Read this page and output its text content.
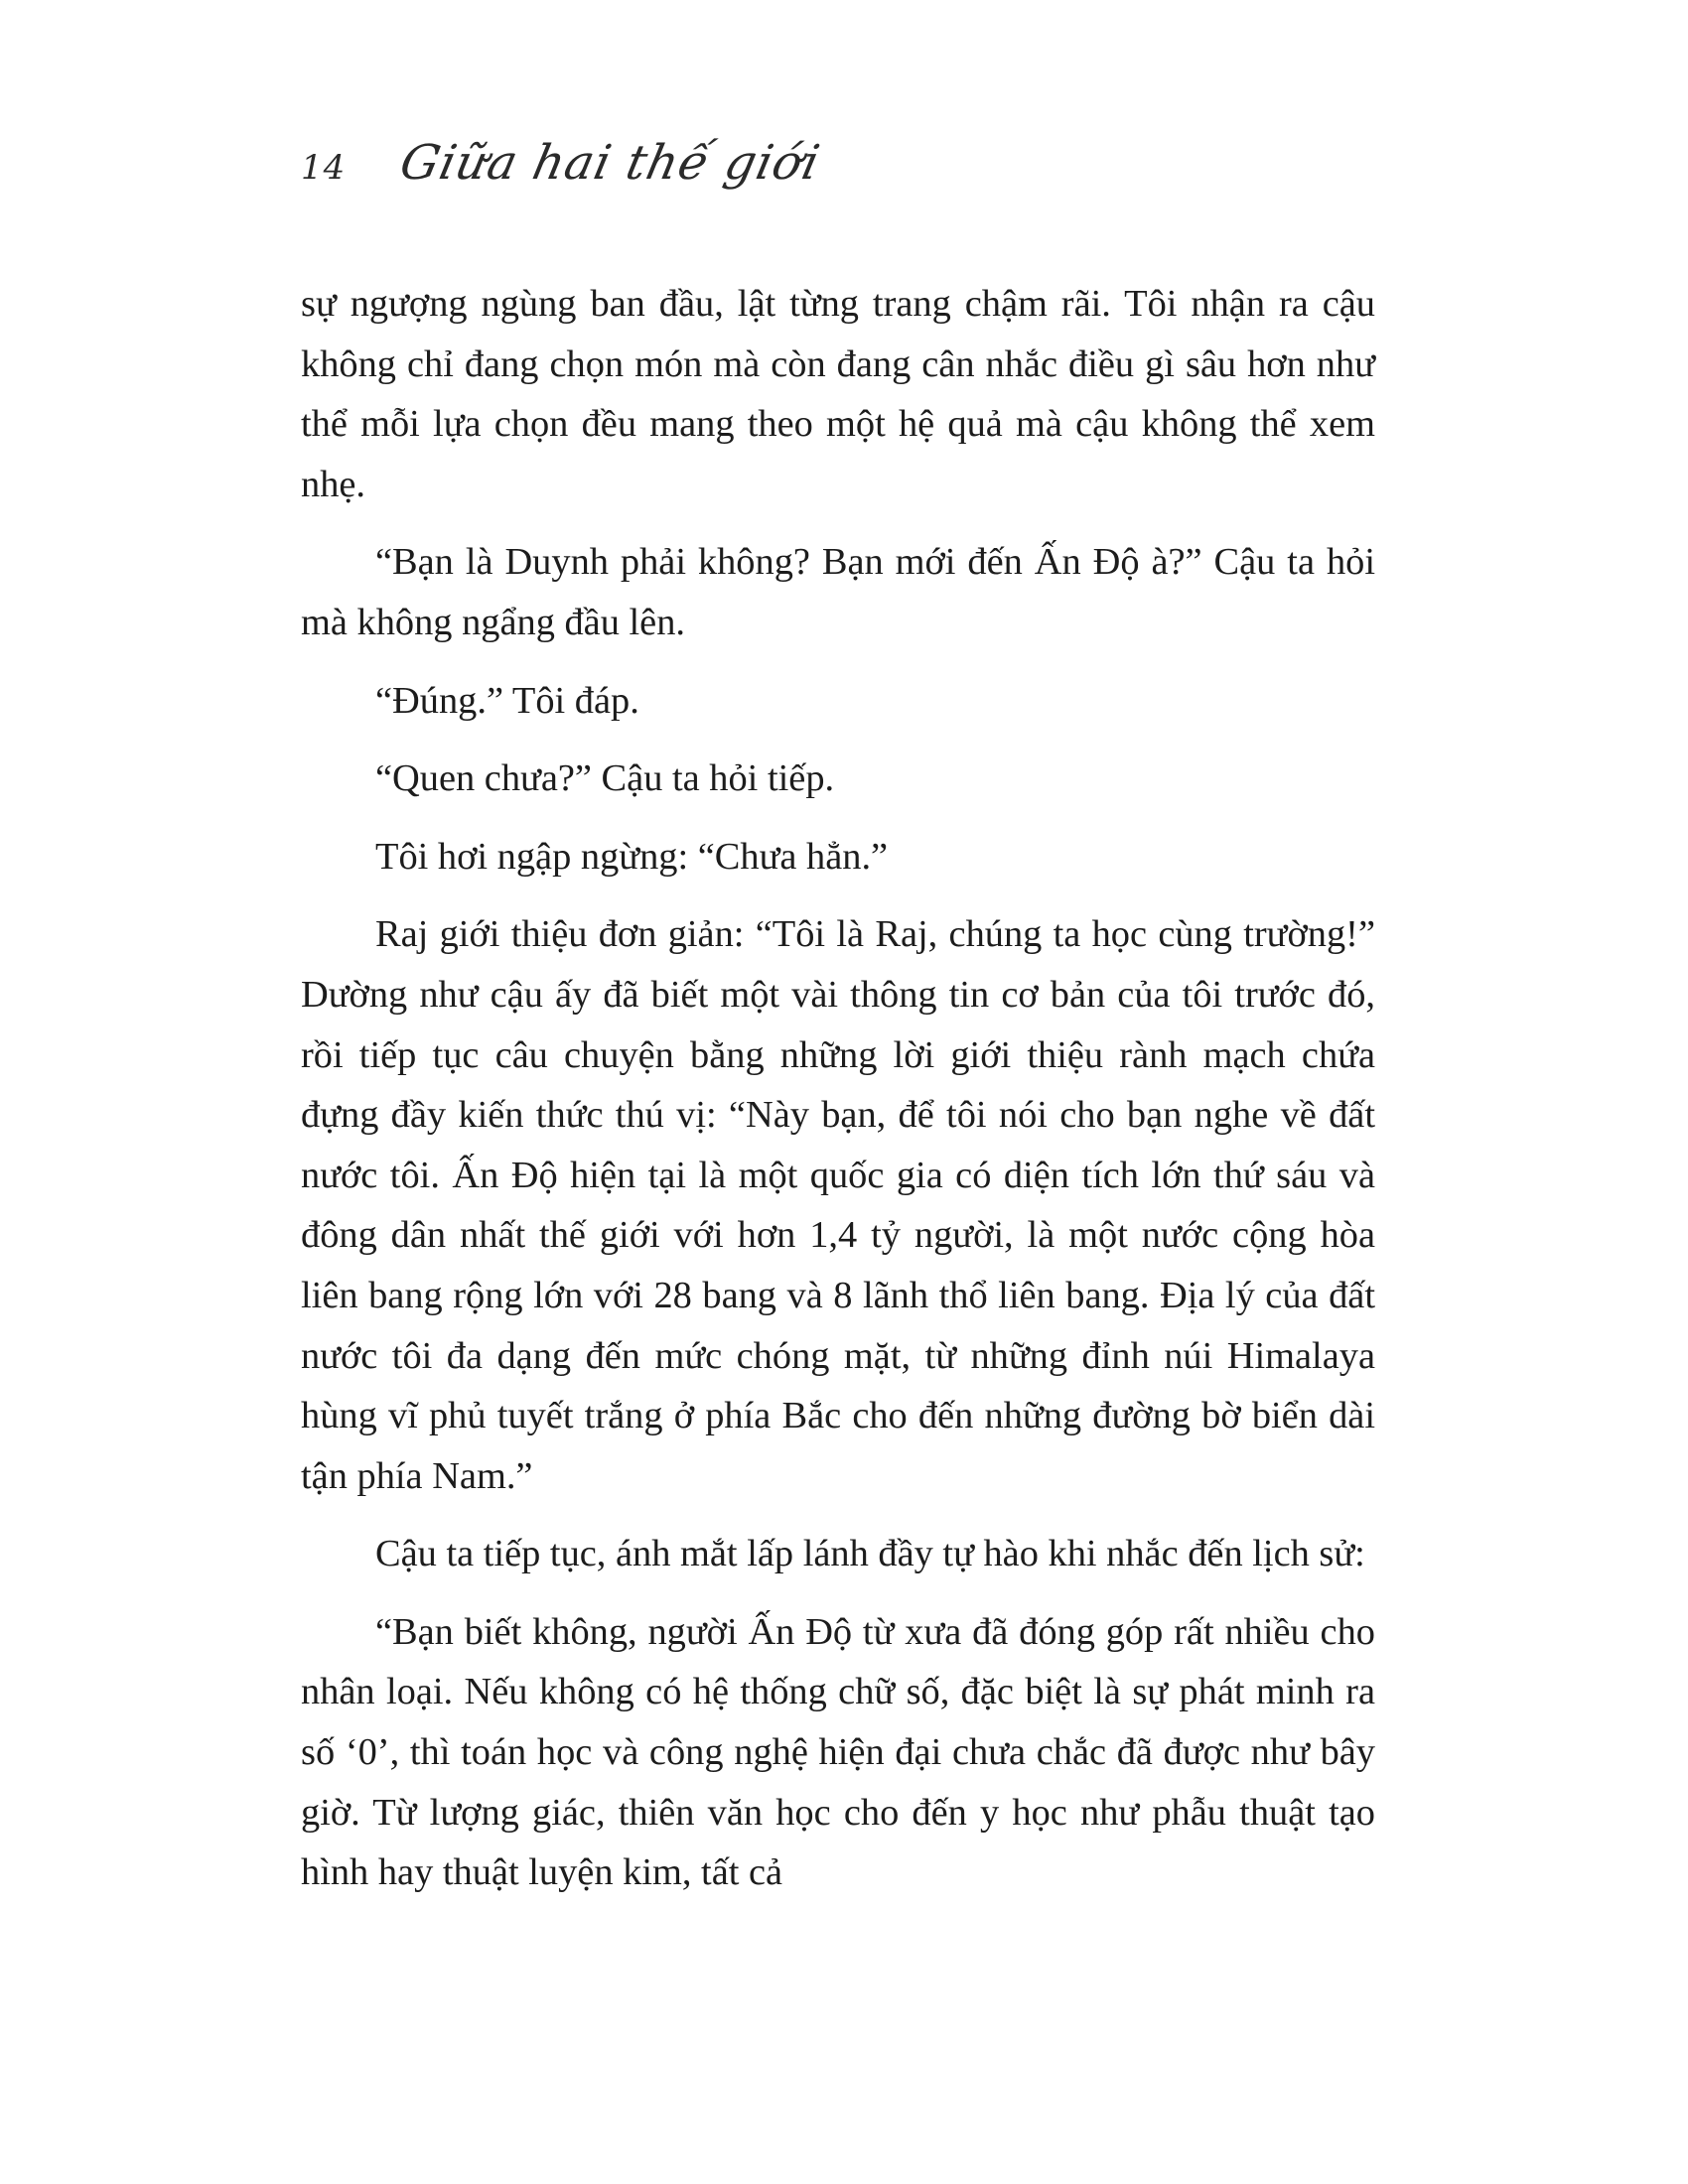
14 Giữa hai thế giới

sự ngượng ngùng ban đầu, lật từng trang chậm rãi. Tôi nhận ra cậu không chỉ đang chọn món mà còn đang cân nhắc điều gì sâu hơn như thể mỗi lựa chọn đều mang theo một hệ quả mà cậu không thể xem nhẹ.

“Bạn là Duynh phải không? Bạn mới đến Ấn Độ à?” Cậu ta hỏi mà không ngẩng đầu lên.

“Đúng.” Tôi đáp.

“Quen chưa?” Cậu ta hỏi tiếp.

Tôi hơi ngập ngừng: “Chưa hẳn.”

Raj giới thiệu đơn giản: “Tôi là Raj, chúng ta học cùng trường!” Dường như cậu ấy đã biết một vài thông tin cơ bản của tôi trước đó, rồi tiếp tục câu chuyện bằng những lời giới thiệu rành mạch chứa đựng đầy kiến thức thú vị: “Này bạn, để tôi nói cho bạn nghe về đất nước tôi. Ấn Độ hiện tại là một quốc gia có diện tích lớn thứ sáu và đông dân nhất thế giới với hơn 1,4 tỷ người, là một nước cộng hòa liên bang rộng lớn với 28 bang và 8 lãnh thổ liên bang. Địa lý của đất nước tôi đa dạng đến mức chóng mặt, từ những đỉnh núi Himalaya hùng vĩ phủ tuyết trắng ở phía Bắc cho đến những đường bờ biển dài tận phía Nam.”

Cậu ta tiếp tục, ánh mắt lấp lánh đầy tự hào khi nhắc đến lịch sử:

“Bạn biết không, người Ấn Độ từ xưa đã đóng góp rất nhiều cho nhân loại. Nếu không có hệ thống chữ số, đặc biệt là sự phát minh ra số ‘0’, thì toán học và công nghệ hiện đại chưa chắc đã được như bây giờ. Từ lượng giác, thiên văn học cho đến y học như phẫu thuật tạo hình hay thuật luyện kim, tất cả
